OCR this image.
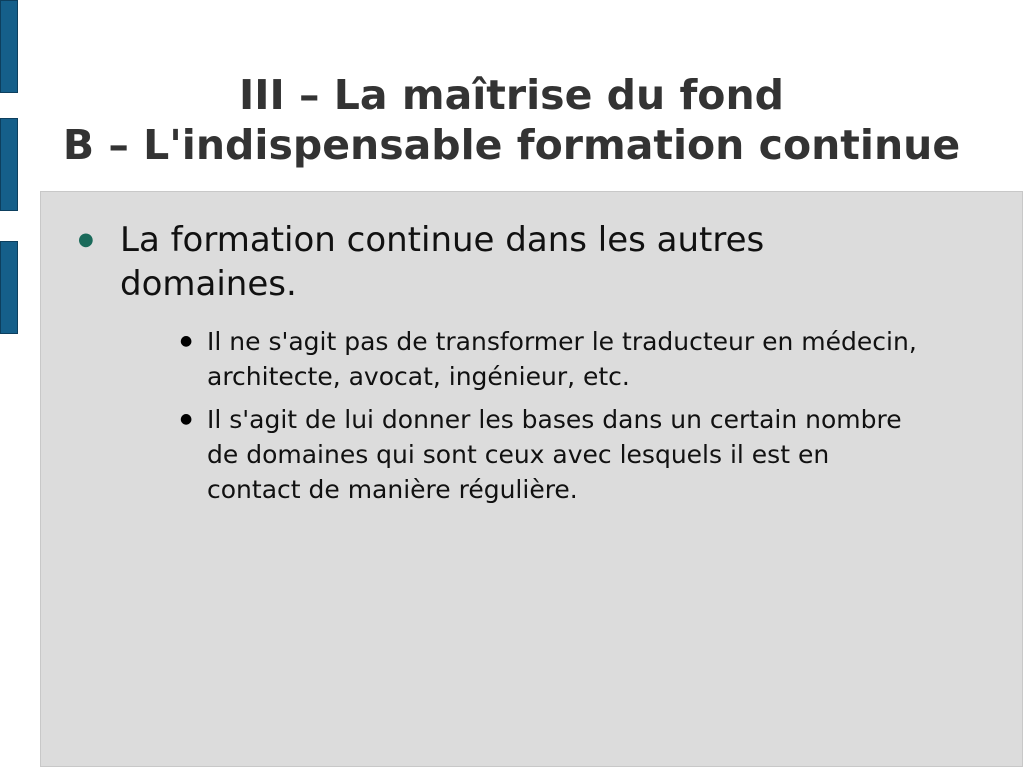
III – La maîtrise du fond
B – L'indispensable formation continue
● La formation continue dans les autres domaines.
● Il ne s'agit pas de transformer le traducteur en médecin, architecte, avocat, ingénieur, etc.
● Il s'agit de lui donner les bases dans un certain nombre de domaines qui sont ceux avec lesquels il est en contact de manière régulière.
